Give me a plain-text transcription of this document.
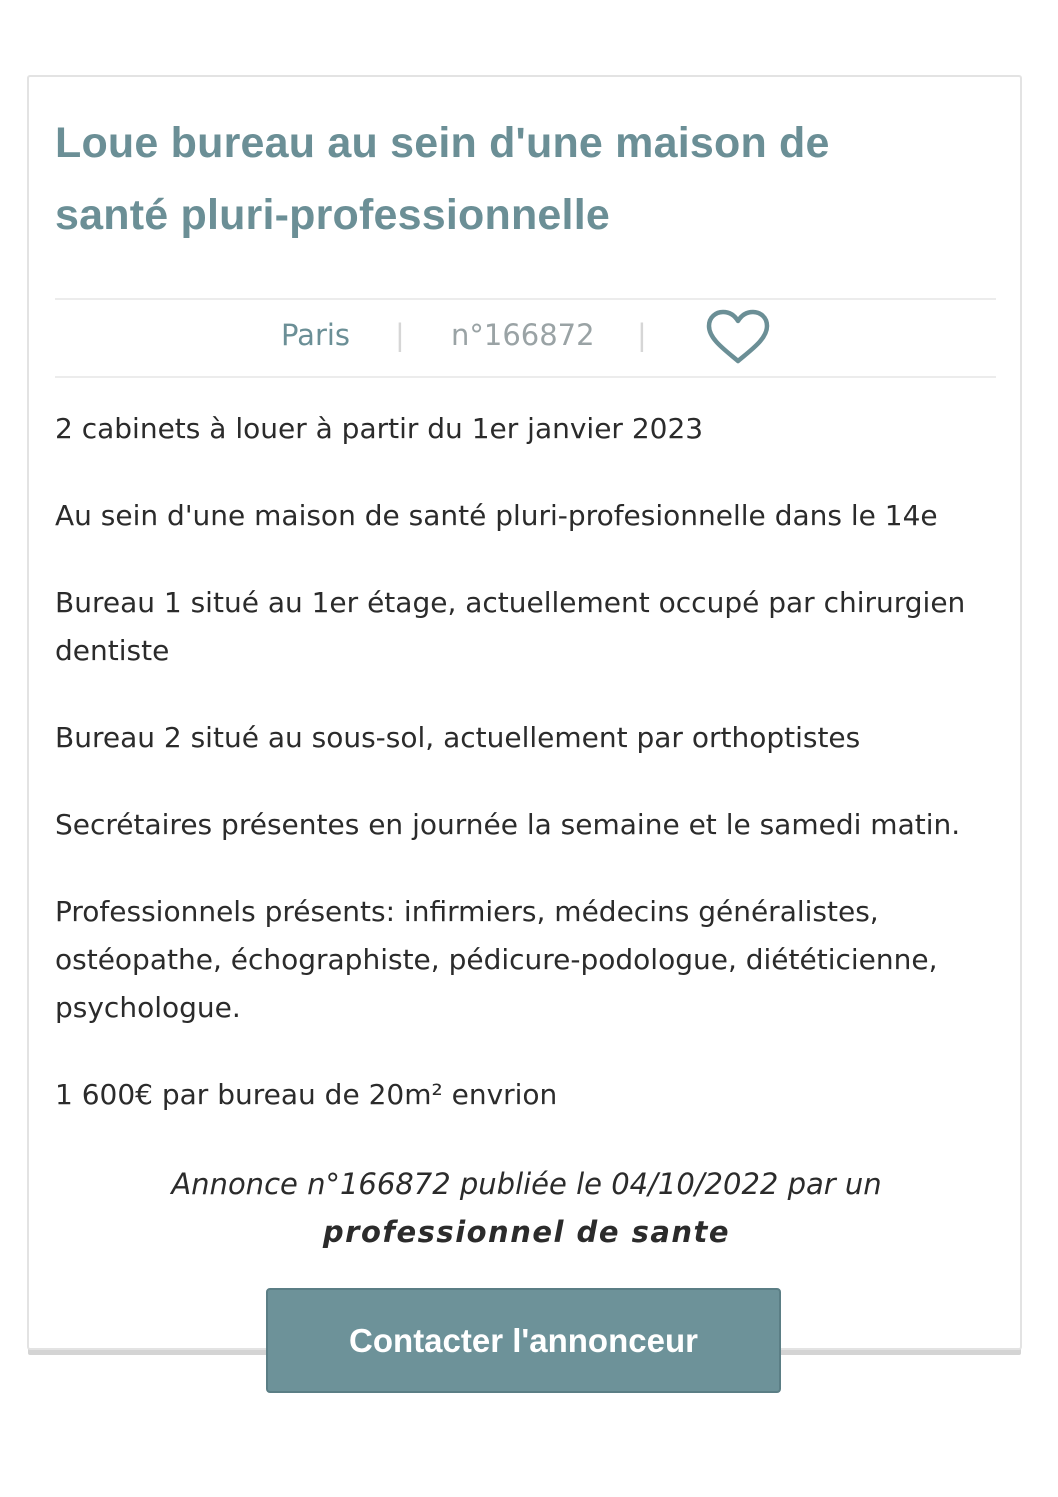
Loue bureau au sein d'une maison de santé pluri-professionnelle
Paris | n°166872 |

2 cabinets à louer à partir du 1er janvier 2023

Au sein d'une maison de santé pluri-profesionnelle dans le 14e

Bureau 1 situé au 1er étage, actuellement occupé par chirurgien dentiste

Bureau 2 situé au sous-sol, actuellement par orthoptistes

Secrétaires présentes en journée la semaine et le samedi matin.

Professionnels présents: infirmiers, médecins généralistes, ostéopathe, échographiste, pédicure-podologue, diététicienne, psychologue.

1 600€ par bureau de 20m² envrion

Annonce n°166872 publiée le 04/10/2022 par un
professionnel de sante
Contacter l'annonceur
